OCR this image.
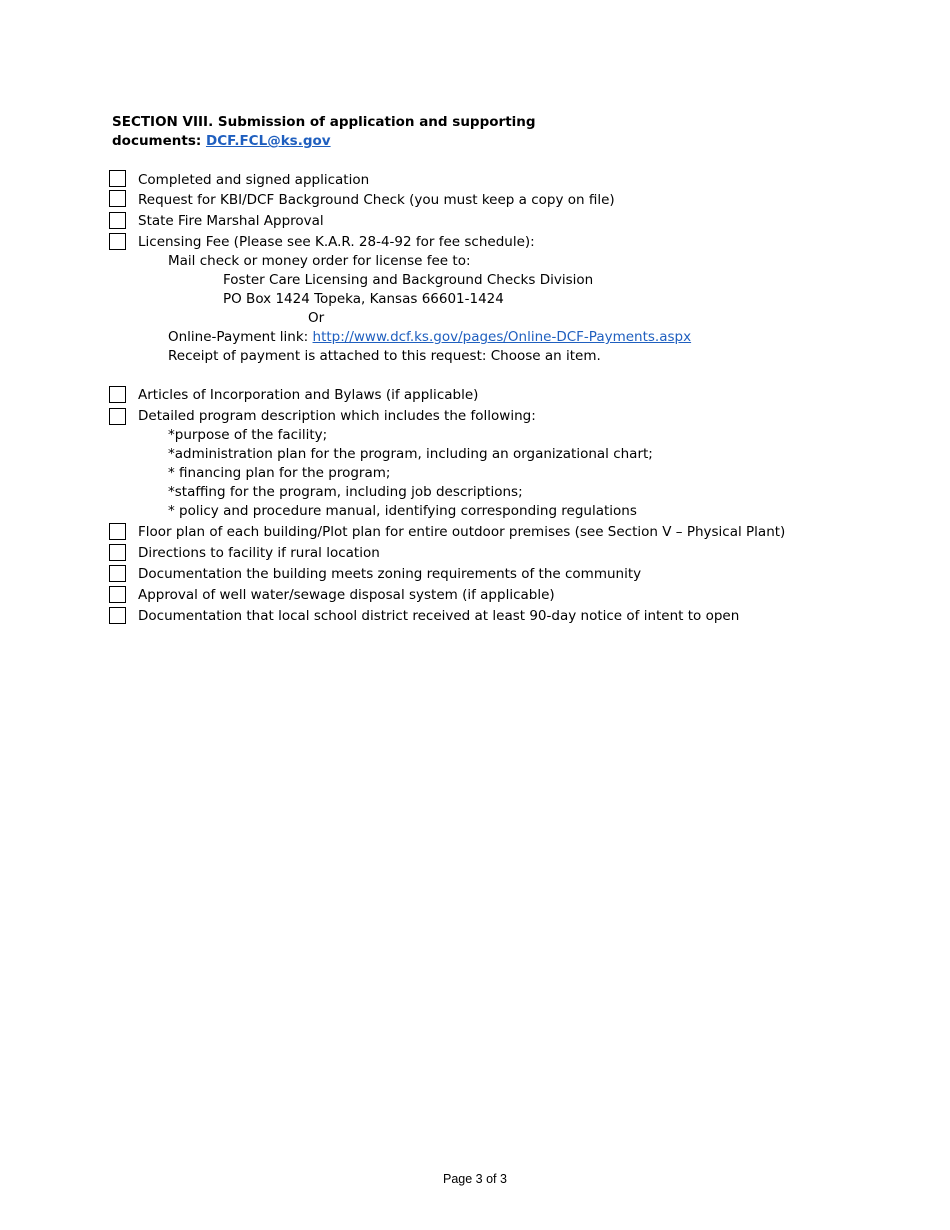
SECTION VIII. Submission of application and supporting
documents: DCF.FCL@ks.gov
Completed and signed application
Request for KBI/DCF Background Check (you must keep a copy on file)
State Fire Marshal Approval
Licensing Fee (Please see K.A.R. 28-4-92 for fee schedule):
Mail check or money order for license fee to:
Foster Care Licensing and Background Checks Division
PO Box 1424 Topeka, Kansas 66601-1424
Or
Online-Payment link: http://www.dcf.ks.gov/pages/Online-DCF-Payments.aspx
Receipt of payment is attached to this request: Choose an item.
Articles of Incorporation and Bylaws (if applicable)
Detailed program description which includes the following:
*purpose of the facility;
*administration plan for the program, including an organizational chart;
* financing plan for the program;
*staffing for the program, including job descriptions;
* policy and procedure manual, identifying corresponding regulations
Floor plan of each building/Plot plan for entire outdoor premises (see Section V – Physical Plant)
Directions to facility if rural location
Documentation the building meets zoning requirements of the community
Approval of well water/sewage disposal system (if applicable)
Documentation that local school district received at least 90-day notice of intent to open
Page 3 of 3
